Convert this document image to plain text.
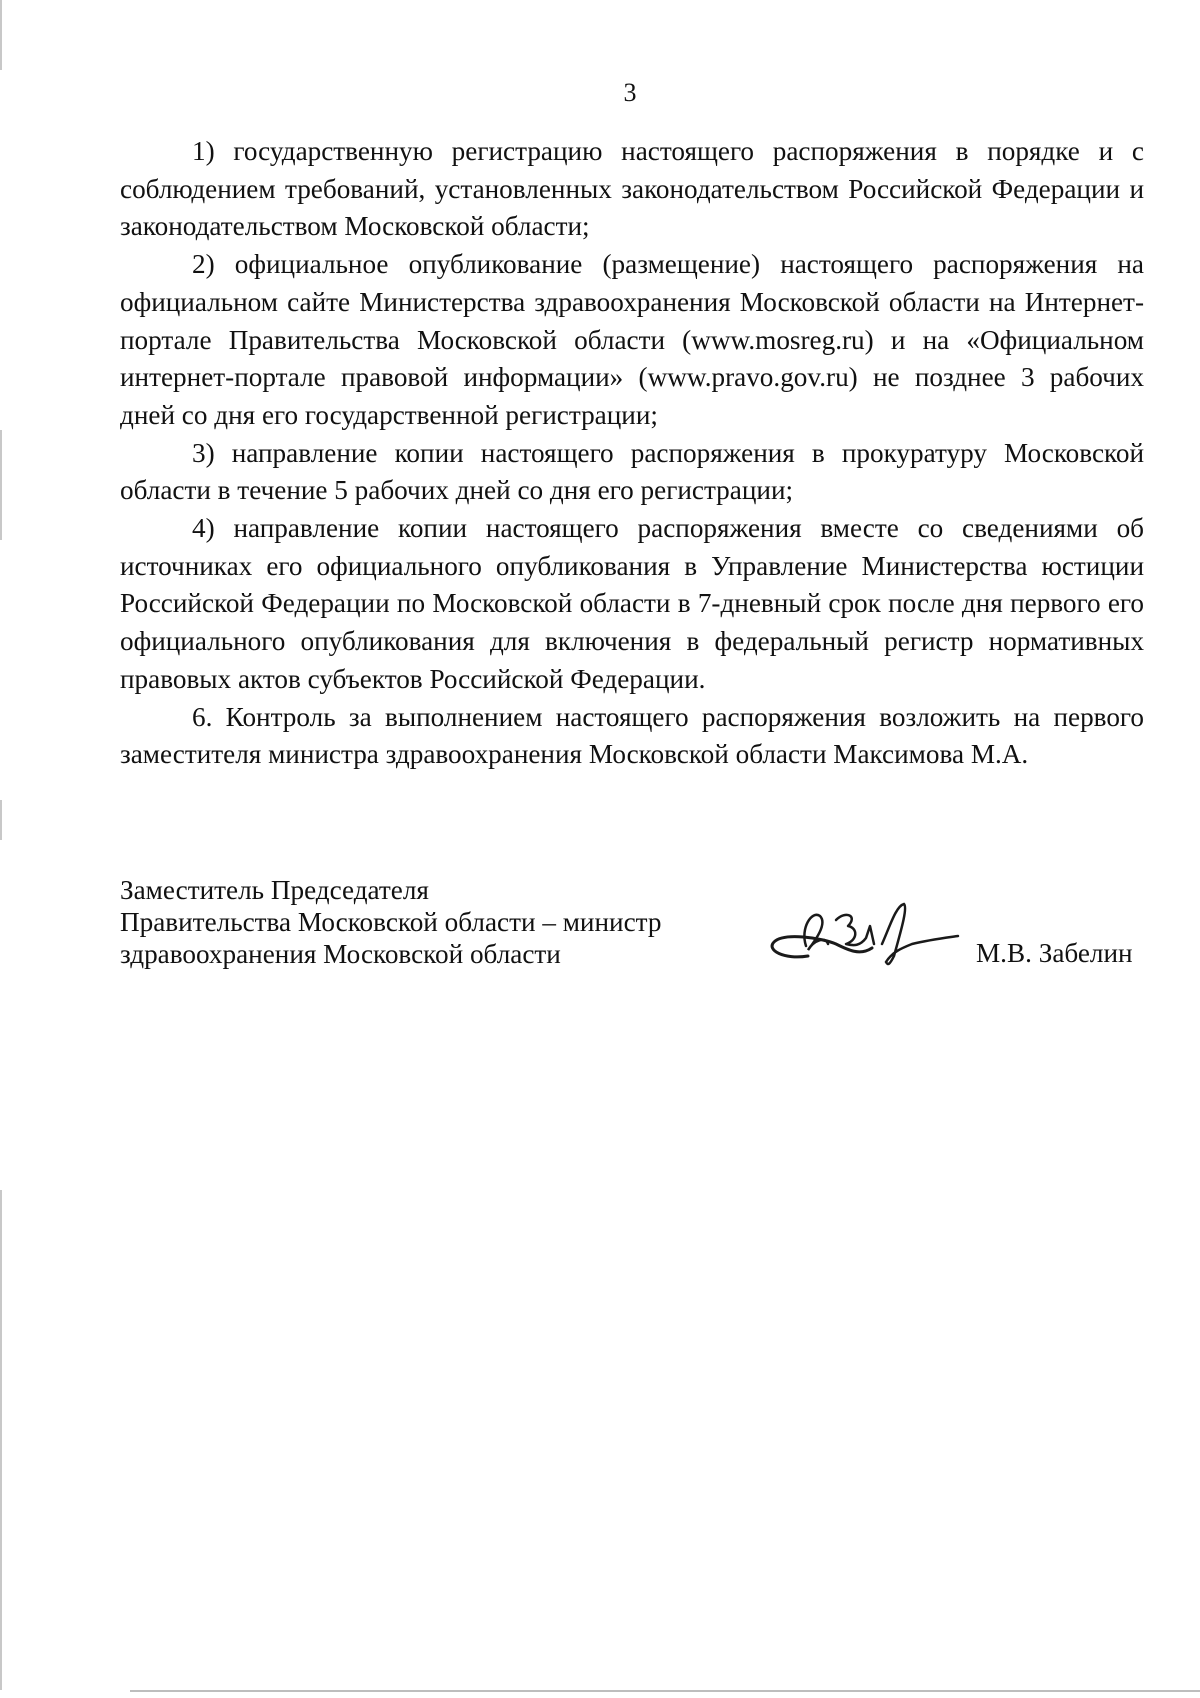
3

1) государственную регистрацию настоящего распоряжения в порядке и с соблюдением требований, установленных законодательством Российской Федерации и законодательством Московской области;

2) официальное опубликование (размещение) настоящего распоряжения на официальном сайте Министерства здравоохранения Московской области на Интернет-портале Правительства Московской области (www.mosreg.ru) и на «Официальном интернет-портале правовой информации» (www.pravo.gov.ru) не позднее 3 рабочих дней со дня его государственной регистрации;

3) направление копии настоящего распоряжения в прокуратуру Московской области в течение 5 рабочих дней со дня его регистрации;

4) направление копии настоящего распоряжения вместе со сведениями об источниках его официального опубликования в Управление Министерства юстиции Российской Федерации по Московской области в 7-дневный срок после дня первого его официального опубликования для включения в федеральный регистр нормативных правовых актов субъектов Российской Федерации.

6. Контроль за выполнением настоящего распоряжения возложить на первого заместителя министра здравоохранения Московской области Максимова М.А.

Заместитель Председателя
Правительства Московской области – министр
здравоохранения Московской области	М.В. Забелин
